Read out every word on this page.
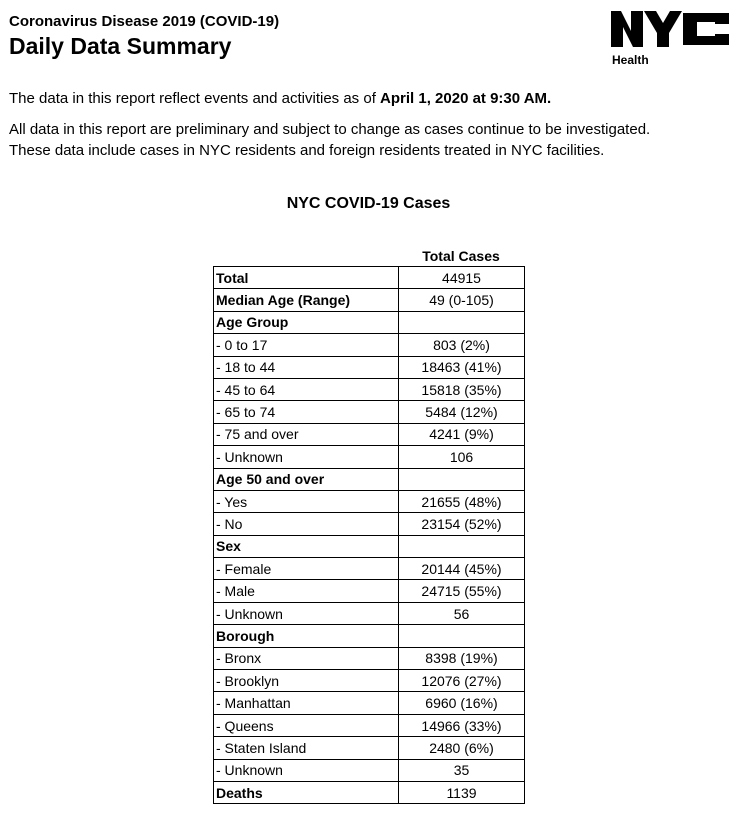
Coronavirus Disease 2019 (COVID-19)
Daily Data Summary
Health
The data in this report reflect events and activities as of April 1, 2020 at 9:30 AM.
All data in this report are preliminary and subject to change as cases continue to be investigated.
These data include cases in NYC residents and foreign residents treated in NYC facilities.
NYC COVID-19 Cases
Total Cases
Total	44915
Median Age (Range)	49 (0-105)
Age Group	
- 0 to 17	803 (2%)
- 18 to 44	18463 (41%)
- 45 to 64	15818 (35%)
- 65 to 74	5484 (12%)
- 75 and over	4241 (9%)
- Unknown	106
Age 50 and over	
- Yes	21655 (48%)
- No	23154 (52%)
Sex	
- Female	20144 (45%)
- Male	24715 (55%)
- Unknown	56
Borough	
- Bronx	8398 (19%)
- Brooklyn	12076 (27%)
- Manhattan	6960 (16%)
- Queens	14966 (33%)
- Staten Island	2480 (6%)
- Unknown	35
Deaths	1139
